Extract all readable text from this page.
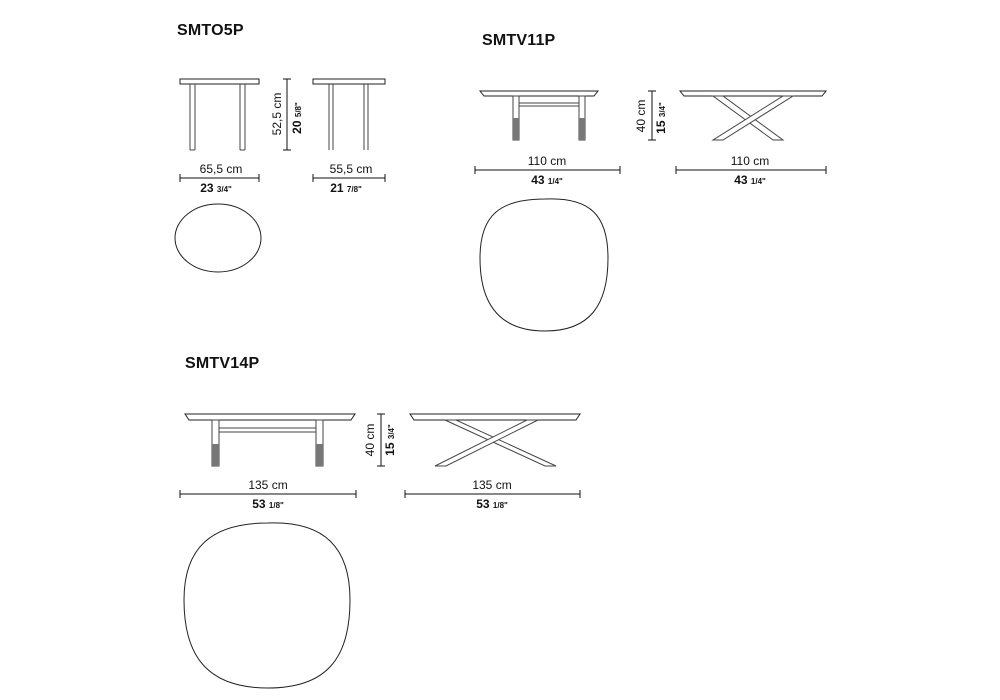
SMTO5P
SMTV11P
SMTV14P
52,5 cm
20 5/8"
65,5 cm
23 3/4"
55,5 cm
21 7/8"
40 cm
15 3/4"
110 cm
43 1/4"
110 cm
43 1/4"
40 cm
15 3/4"
135 cm
53 1/8"
135 cm
53 1/8"
